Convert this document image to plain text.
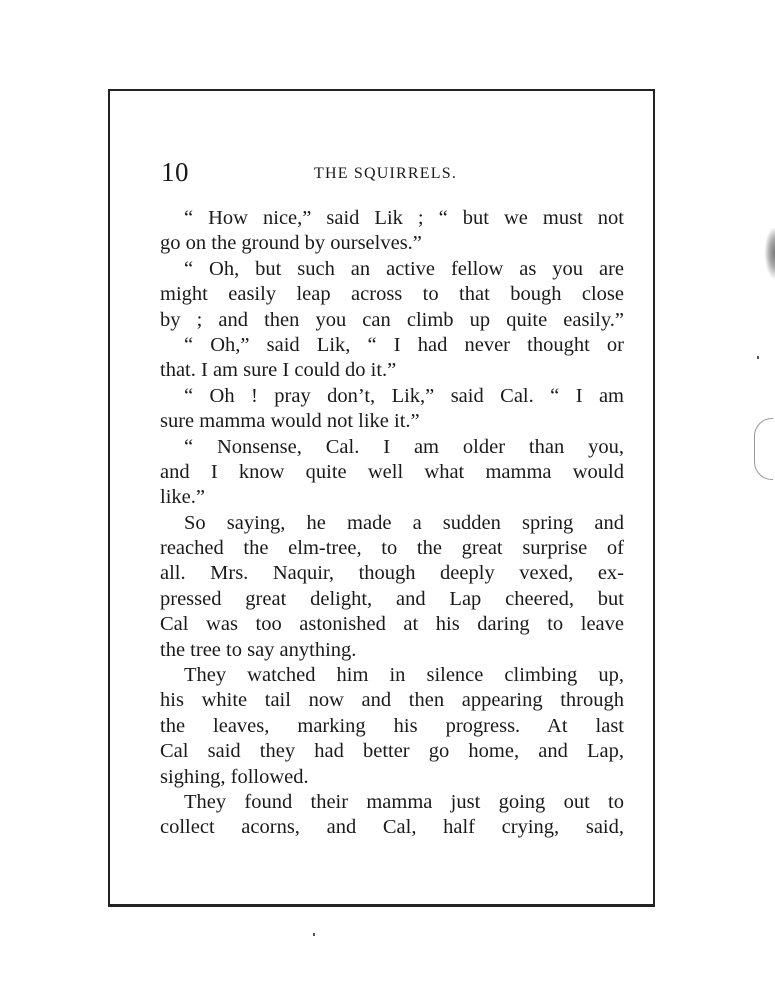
10	THE SQUIRRELS.
“ How nice,” said Lik ; “ but we must not
go on the ground by ourselves.”
“ Oh, but such an active fellow as you are
might easily leap across to that bough close
by ; and then you can climb up quite easily.”
“ Oh,” said Lik, “ I had never thought or
that. I am sure I could do it.”
“ Oh ! pray don’t, Lik,” said Cal. “ I am
sure mamma would not like it.”
“ Nonsense, Cal. I am older than you,
and I know quite well what mamma would
like.”
So saying, he made a sudden spring and
reached the elm-tree, to the great surprise of
all. Mrs. Naquir, though deeply vexed, ex-
pressed great delight, and Lap cheered, but
Cal was too astonished at his daring to leave
the tree to say anything.
They watched him in silence climbing up,
his white tail now and then appearing through
the leaves, marking his progress. At last
Cal said they had better go home, and Lap,
sighing, followed.
They found their mamma just going out to
collect acorns, and Cal, half crying, said,
